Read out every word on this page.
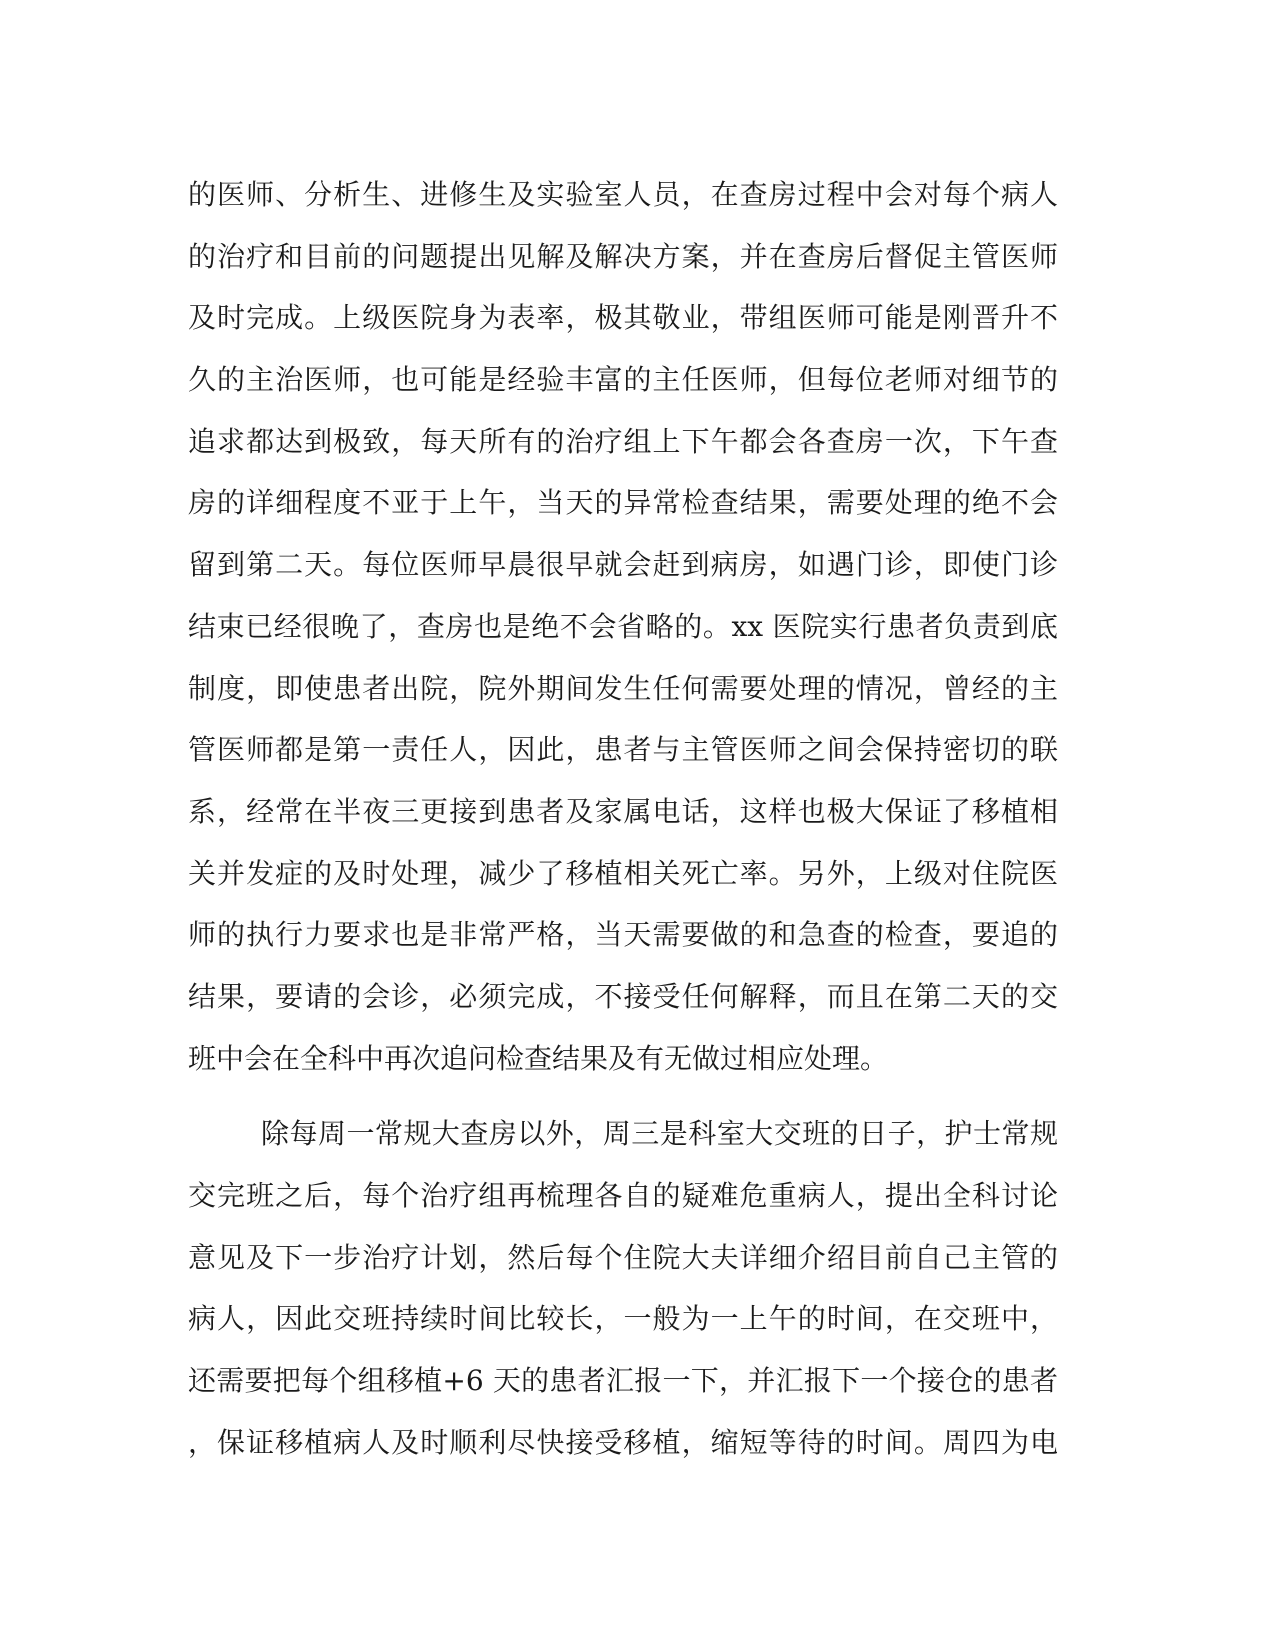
的医师、分析生、进修生及实验室人员，在查房过程中会对每个病人
的治疗和目前的问题提出见解及解决方案，并在查房后督促主管医师
及时完成。上级医院身为表率，极其敬业，带组医师可能是刚晋升不
久的主治医师，也可能是经验丰富的主任医师，但每位老师对细节的
追求都达到极致，每天所有的治疗组上下午都会各查房一次，下午查
房的详细程度不亚于上午，当天的异常检查结果，需要处理的绝不会
留到第二天。每位医师早晨很早就会赶到病房，如遇门诊，即使门诊
结束已经很晚了，查房也是绝不会省略的。xx 医院实行患者负责到底
制度，即使患者出院，院外期间发生任何需要处理的情况，曾经的主
管医师都是第一责任人，因此，患者与主管医师之间会保持密切的联
系，经常在半夜三更接到患者及家属电话，这样也极大保证了移植相
关并发症的及时处理，减少了移植相关死亡率。另外，上级对住院医
师的执行力要求也是非常严格，当天需要做的和急查的检查，要追的
结果，要请的会诊，必须完成，不接受任何解释，而且在第二天的交
班中会在全科中再次追问检查结果及有无做过相应处理。
除每周一常规大查房以外，周三是科室大交班的日子，护士常规
交完班之后，每个治疗组再梳理各自的疑难危重病人，提出全科讨论
意见及下一步治疗计划，然后每个住院大夫详细介绍目前自己主管的
病人，因此交班持续时间比较长，一般为一上午的时间，在交班中，
还需要把每个组移植+6 天的患者汇报一下，并汇报下一个接仓的患者
，保证移植病人及时顺利尽快接受移植，缩短等待的时间。周四为电
